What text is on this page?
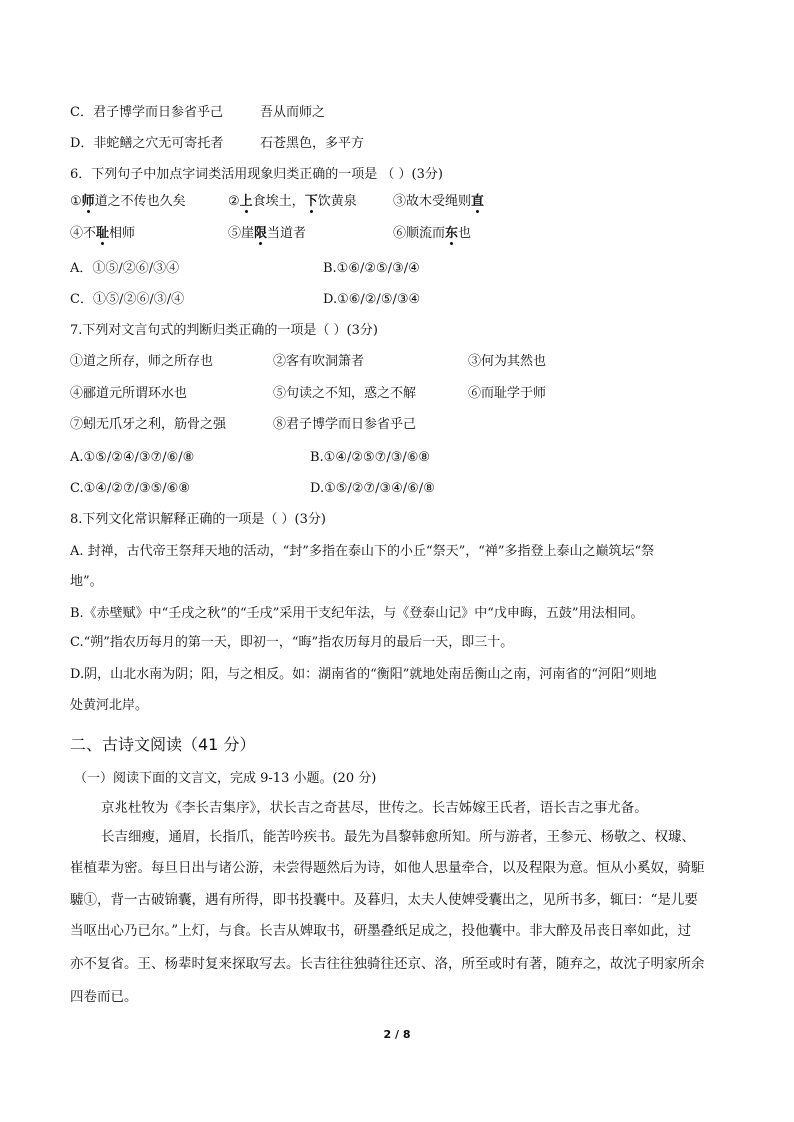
C．君子博学而日参省乎己	吾从而师之
D．非蛇鳝之穴无可寄托者	石苍黑色，多平方
6．下列句子中加点字词类活用现象归类正确的一项是 （ ）(3分)
①师道之不传也久矣	②上食埃土，下饮黄泉	③故木受绳则直
④不耻相师	⑤崖限当道者	⑥顺流而东也
A．①⑤/②⑥/③④	B.①⑥/②⑤/③/④
C．①⑤/②⑥/③/④	D.①⑥/②/⑤/③④
7.下列对文言句式的判断归类正确的一项是（ ）(3分)
①道之所存，师之所存也	②客有吹洞箫者	③何为其然也
④郦道元所谓环水也	⑤句读之不知，惑之不解	⑥而耻学于师
⑦蚓无爪牙之利，筋骨之强	⑧君子博学而日参省乎己
A.①⑤/②④/③⑦/⑥/⑧	B.①④/②⑤⑦/③/⑥⑧
C.①④/②⑦/③⑤/⑥⑧	D.①⑤/②⑦/③④/⑥/⑧
8.下列文化常识解释正确的一项是（ ）(3分)
A. 封禅，古代帝王祭拜天地的活动，“封”多指在泰山下的小丘“祭天”，“禅”多指登上泰山之巅筑坛“祭
地”。
B.《赤壁赋》中“壬戌之秋”的“壬戌”采用干支纪年法，与《登泰山记》中“戊申晦，五鼓”用法相同。
C.“朔”指农历每月的第一天，即初一，“晦”指农历每月的最后一天，即三十。
D.阴，山北水南为阴；阳，与之相反。如：湖南省的“衡阳”就地处南岳衡山之南，河南省的“河阳”则地
处黄河北岸。
二、古诗文阅读（41 分）
（一）阅读下面的文言文，完成 9-13 小题。(20 分)
京兆杜牧为《李长吉集序》，状长吉之奇甚尽，世传之。长吉姊嫁王氏者，语长吉之事尤备。
长吉细瘦，通眉，长指爪，能苦吟疾书。最先为昌黎韩愈所知。所与游者，王参元、杨敬之、权璩、
崔植辈为密。每旦日出与诸公游，未尝得题然后为诗，如他人思量牵合，以及程限为意。恒从小奚奴，骑駏
驉①，背一古破锦囊，遇有所得，即书投囊中。及暮归，太夫人使婢受囊出之，见所书多，辄曰：“是儿要
当呕出心乃已尔。”上灯，与食。长吉从婢取书，研墨叠纸足成之，投他囊中。非大醉及吊丧日率如此，过
亦不复省。王、杨辈时复来探取写去。长吉往往独骑往还京、洛，所至或时有著，随弃之，故沈子明家所余
四卷而已。
2 / 8
